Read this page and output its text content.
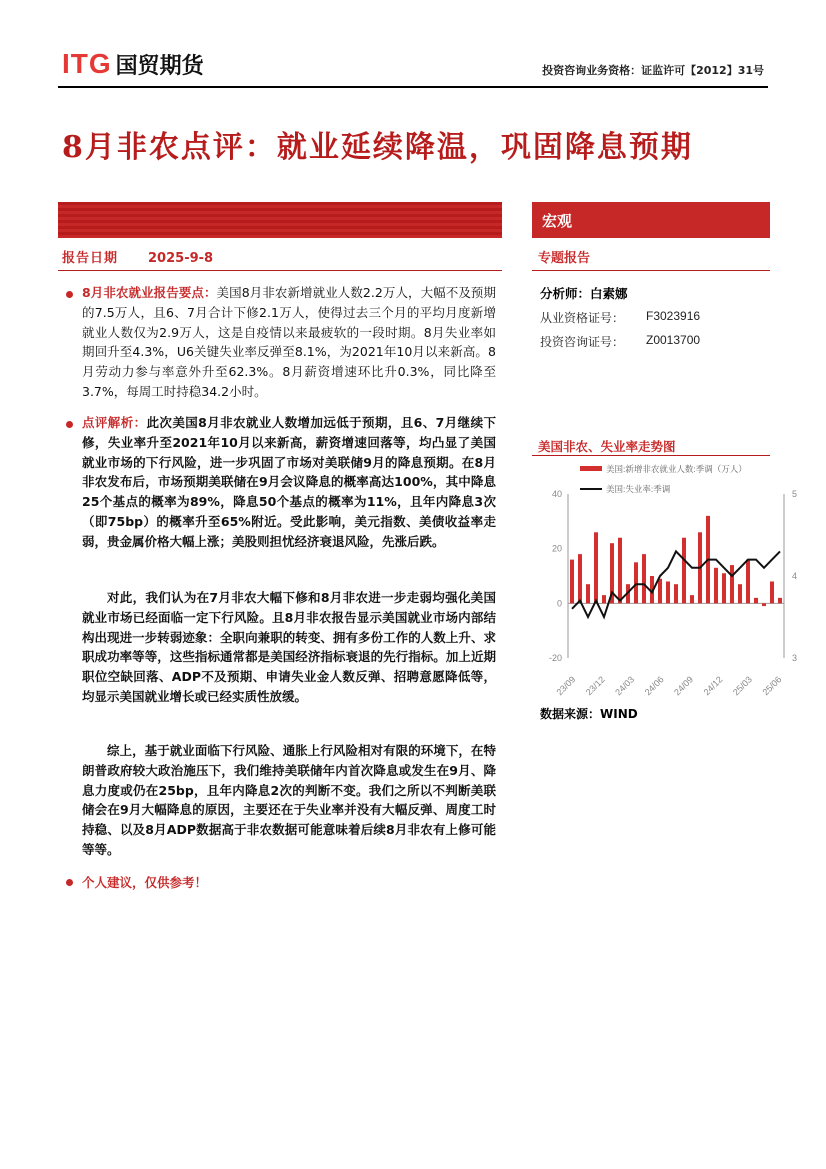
ITG 国贸期货	投资咨询业务资格：证监许可【2012】31号
8月非农点评：就业延续降温，巩固降息预期
宏观
报告日期 2025-9-8	专题报告
分析师：白素娜
从业资格证号： F3023916
投资咨询证号： Z0013700
8月非农就业报告要点：美国8月非农新增就业人数2.2万人，大幅不及预期的7.5万人，且6、7月合计下修2.1万人，使得过去三个月的平均月度新增就业人数仅为2.9万人，这是自疫情以来最疲软的一段时期。8月失业率如期回升至4.3%，U6关键失业率反弹至8.1%，为2021年10月以来新高。8月劳动力参与率意外升至62.3%。8月薪资增速环比升0.3%，同比降至3.7%，每周工时持稳34.2小时。
点评解析：此次美国8月非农就业人数增加远低于预期，且6、7月继续下修，失业率升至2021年10月以来新高，薪资增速回落等，均凸显了美国就业市场的下行风险，进一步巩固了市场对美联储9月的降息预期。在8月非农发布后，市场预期美联储在9月会议降息的概率高达100%，其中降息25个基点的概率为89%，降息50个基点的概率为11%，且年内降息3次（即75bp）的概率升至65%附近。受此影响，美元指数、美债收益率走弱，贵金属价格大幅上涨；美股则担忧经济衰退风险，先涨后跌。
对此，我们认为在7月非农大幅下修和8月非农进一步走弱均强化美国就业市场已经面临一定下行风险。且8月非农报告显示美国就业市场内部结构出现进一步转弱迹象：全职向兼职的转变、拥有多份工作的人数上升、求职成功率等等，这些指标通常都是美国经济指标衰退的先行指标。加上近期职位空缺回落、ADP不及预期、申请失业金人数反弹、招聘意愿降低等，均显示美国就业增长或已经实质性放缓。
综上，基于就业面临下行风险、通胀上行风险相对有限的环境下，在特朗普政府较大政治施压下，我们维持美联储年内首次降息或发生在9月、降息力度或仍在25bp，且年内降息2次的判断不变。我们之所以不判断美联储会在9月大幅降息的原因，主要还在于失业率并没有大幅反弹、周度工时持稳、以及8月ADP数据高于非农数据可能意味着后续8月非农有上修可能等等。
个人建议，仅供参考！
美国非农、失业率走势图
40
20
0
-20
5
4
3
23/09 23/12 24/03 24/06 24/09 24/12 25/03 25/06
美国:新增非农就业人数:季调（万人）
美国:失业率:季调
数据来源：WIND
